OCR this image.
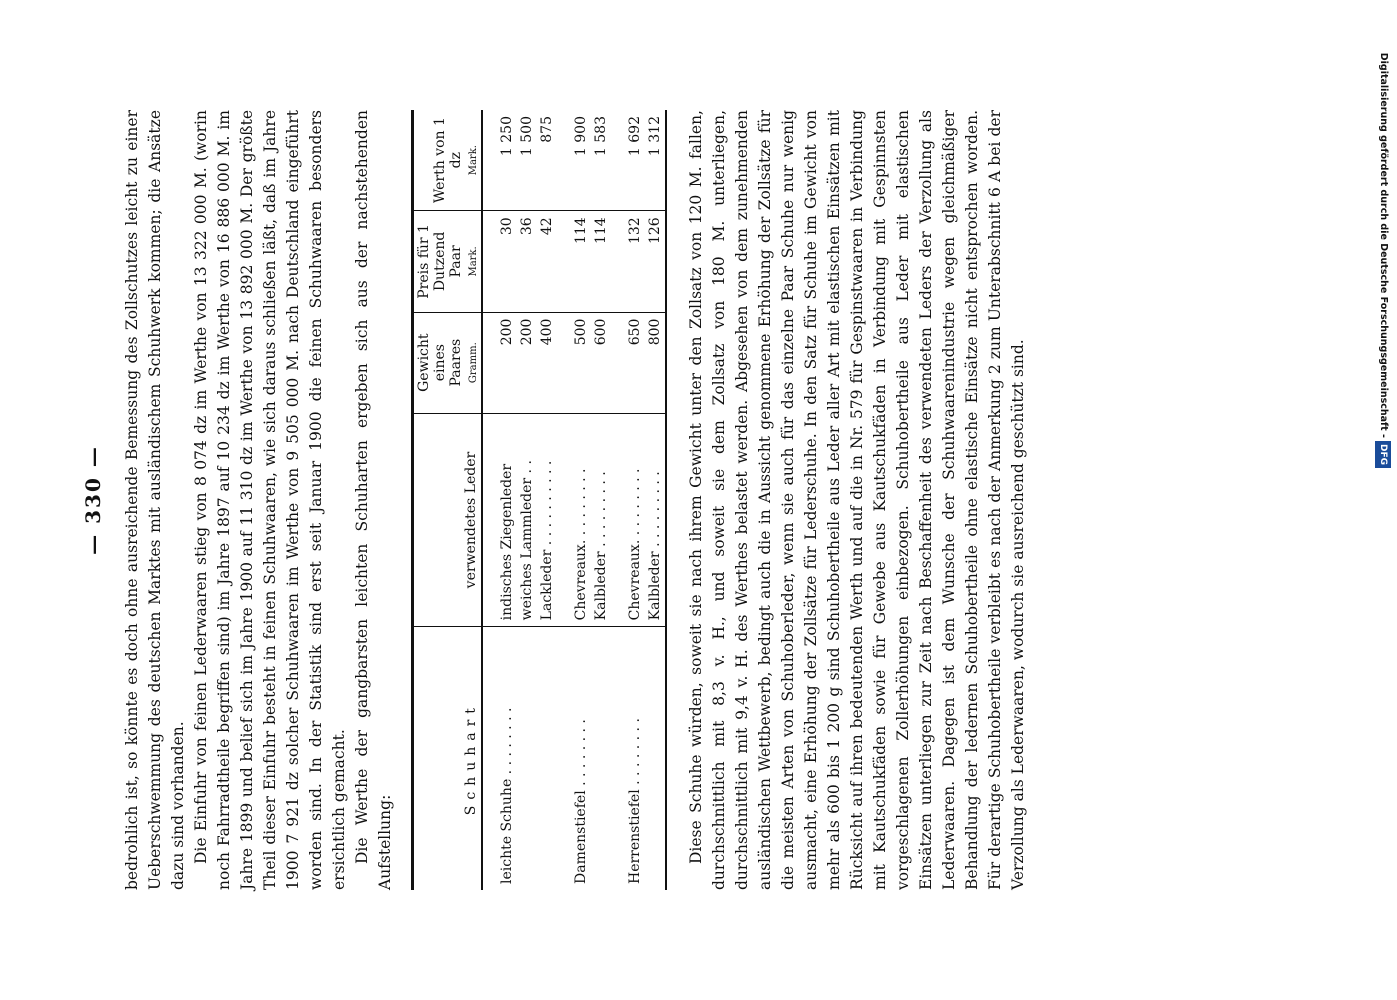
— 330 — bedrohlich ist, so könnte es doch ohne ausreichende Bemessung des Zollschutzes leicht zu einer Ueberschwemmung des deutschen Marktes mit ausländischem Schuhwerk kommen; die Ansätze dazu sind vorhanden. Die Einfuhr von feinen Lederwaaren stieg von 8 074 dz im Werthe von 13 322 000 M. (worin noch Fahrradtheile begriffen sind) im Jahre 1897 auf 10 234 dz im Werthe von 16 886 000 M. im Jahre 1899 und belief sich im Jahre 1900 auf 11 310 dz im Werthe von 13 892 000 M. Der größte Theil dieser Einfuhr besteht in feinen Schuhwaaren, wie sich daraus schließen läßt, daß im Jahre 1900 7 921 dz solcher Schuhwaaren im Werthe von 9 505 000 M. nach Deutschland eingeführt worden sind. In der Statistik sind erst seit Januar 1900 die feinen Schuhwaaren besonders ersichtlich gemacht. Die Werthe der gangbarsten leichten Schuharten ergeben sich aus der nachstehenden Aufstellung:

Schuhart	verwendetes Leder	Gewicht eines Paares Gramm.	Preis für 1 Dutzend Paar Mark.	Werth von 1 dz Mark.

leichte Schuhe . . . . . . . .	indisches Ziegenleder	200	30	1 250
	weiches Lammleder . .	200	36	1 500
	Lackleder . . . . . . . . . .	400	42	875

Damenstiefel . . . . . . . .	Chevreaux. . . . . . . . .	500	114	1 900
	Kalbleder . . . . . . . . .	600	114	1 583

Herrenstiefel . . . . . . . .	Chevreaux. . . . . . . . .	650	132	1 692
	Kalbleder . . . . . . . . .	800	126	1 312 Diese Schuhe würden, soweit sie nach ihrem Gewicht unter den Zollsatz von 120 M. fallen, durchschnittlich mit 8,3 v. H., und soweit sie dem Zollsatz von 180 M. unterliegen, durchschnittlich mit 9,4 v. H. des Werthes belastet werden. Abgesehen von dem zunehmenden ausländischen Wettbewerb, bedingt auch die in Aussicht genommene Erhöhung der Zollsätze für die meisten Arten von Schuhoberleder, wenn sie auch für das einzelne Paar Schuhe nur wenig ausmacht, eine Erhöhung der Zollsätze für Lederschuhe. In den Satz für Schuhe im Gewicht von mehr als 600 bis 1 200 g sind Schuhobertheile aus Leder aller Art mit elastischen Einsätzen mit Rücksicht auf ihren bedeutenden Werth und auf die in Nr. 579 für Gespinstwaaren in Verbindung mit Kautschukfäden sowie für Gewebe aus Kautschukfäden in Verbindung mit Gespinnsten vorgeschlagenen Zollerhöhungen einbezogen. Schuhobertheile aus Leder mit elastischen Einsätzen unterliegen zur Zeit nach Beschaffenheit des verwendeten Leders der Verzollung als Lederwaaren. Dagegen ist dem Wunsche der Schuhwaarenindustrie wegen gleichmäßiger Behandlung der ledernen Schuhobertheile ohne elastische Einsätze nicht entsprochen worden. Für derartige Schuhobertheile verbleibt es nach der Anmerkung 2 zum Unterabschnitt 6 A bei der Verzollung als Lederwaaren, wodurch sie ausreichend geschützt sind.

Digitalisierung gefördert durch die Deutsche Forschungsgemeinschaft -DFG
